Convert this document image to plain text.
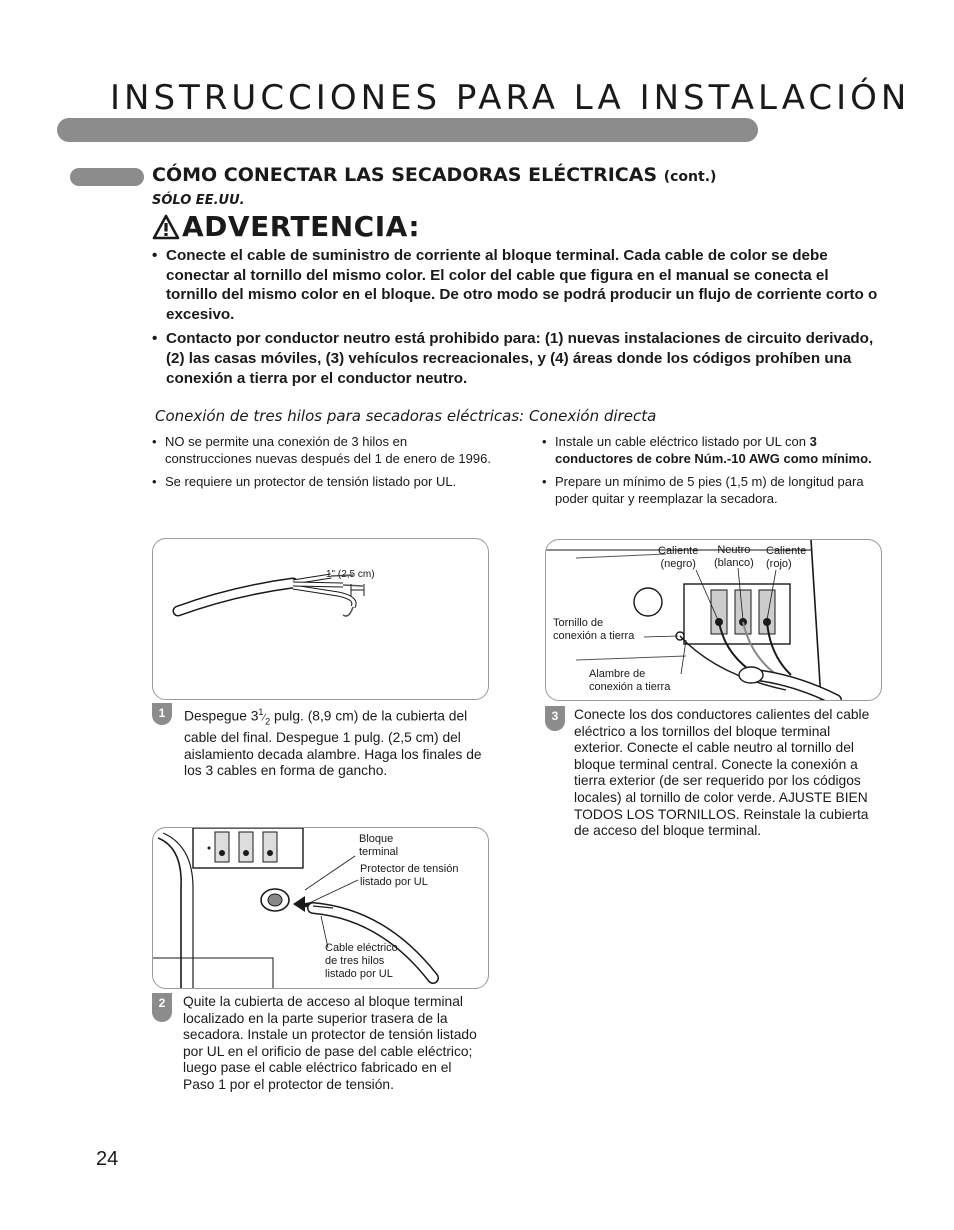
INSTRUCCIONES PARA LA INSTALACIÓN
CÓMO CONECTAR LAS SECADORAS ELÉCTRICAS (cont.)
SÓLO EE.UU.
ADVERTENCIA:
• Conecte el cable de suministro de corriente al bloque terminal. Cada cable de color se debe conectar al tornillo del mismo color. El color del cable que figura en el manual se conecta el tornillo del mismo color en el bloque. De otro modo se podrá producir un flujo de corriente corto o excesivo.
• Contacto por conductor neutro está prohibido para: (1) nuevas instalaciones de circuito derivado, (2) las casas móviles, (3) vehículos recreacionales, y (4) áreas donde los códigos prohíben una conexión a tierra por el conductor neutro.
Conexión de tres hilos para secadoras eléctricas: Conexión directa
• NO se permite una conexión de 3 hilos en construcciones nuevas después del 1 de enero de 1996.
• Se requiere un protector de tensión listado por UL.
• Instale un cable eléctrico listado por UL con 3 conductores de cobre Núm.-10 AWG como mínimo.
• Prepare un mínimo de 5 pies (1,5 m) de longitud para poder quitar y reemplazar la secadora.
1" (2,5 cm)
1	Despegue $3^1⁄_2$ pulg. (8,9 cm) de la cubierta del cable del final. Despegue 1 pulg. (2,5 cm) del aislamiento decada alambre. Haga los finales de los 3 cables en forma de gancho.
Bloque
terminal
Protector de tensión
listado por UL
Cable eléctrico
de tres hilos
listado por UL
2	Quite la cubierta de acceso al bloque terminal localizado en la parte superior trasera de la secadora. Instale un protector de tensión listado por UL en el orificio de pase del cable eléctrico; luego pase el cable eléctrico fabricado en el Paso 1 por el protector de tensión.
Caliente
(negro)
Neutro
(blanco)
Caliente
(rojo)
Tornillo de
conexión a tierra
Alambre de
conexión a tierra
3	Conecte los dos conductores calientes del cable eléctrico a los tornillos del bloque terminal exterior. Conecte el cable neutro al tornillo del bloque terminal central. Conecte la conexión a tierra exterior (de ser requerido por los códigos locales) al tornillo de color verde. AJUSTE BIEN TODOS LOS TORNILLOS. Reinstale la cubierta de acceso del bloque terminal.
24
